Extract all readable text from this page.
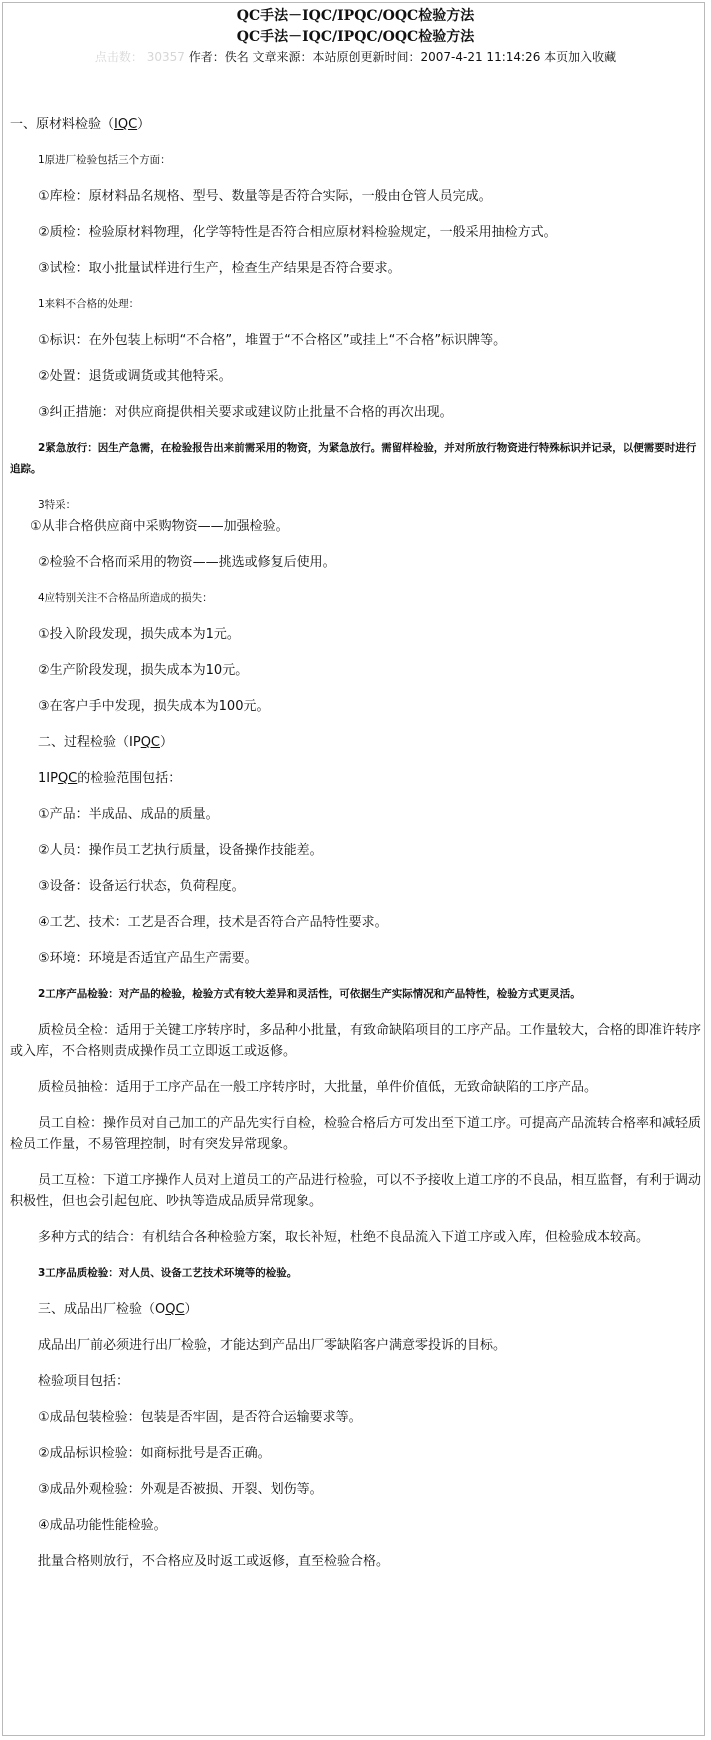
QC手法－IQC/IPQC/OQC检验方法
QC手法－IQC/IPQC/OQC检验方法
点击数： 30357 作者：佚名 文章来源：本站原创更新时间：2007-4-21 11:14:26 本页加入收藏

一、原材料检验（IQC）

1原进厂检验包括三个方面：

①库检：原材料品名规格、型号、数量等是否符合实际，一般由仓管人员完成。

②质检：检验原材料物理，化学等特性是否符合相应原材料检验规定，一般采用抽检方式。

③试检：取小批量试样进行生产，检查生产结果是否符合要求。

1来料不合格的处理：

①标识：在外包装上标明“不合格”，堆置于“不合格区”或挂上“不合格”标识牌等。

②处置：退货或调货或其他特采。

③纠正措施：对供应商提供相关要求或建议防止批量不合格的再次出现。

2紧急放行：因生产急需，在检验报告出来前需采用的物资，为紧急放行。需留样检验，并对所放行物资进行特殊标识并记录，以便需要时进行追踪。

3特采：

①从非合格供应商中采购物资——加强检验。

②检验不合格而采用的物资——挑选或修复后使用。

4应特别关注不合格品所造成的损失：

①投入阶段发现，损失成本为1元。

②生产阶段发现，损失成本为10元。

③在客户手中发现，损失成本为100元。

二、过程检验（IPQC）

1IPQC的检验范围包括：

①产品：半成品、成品的质量。

②人员：操作员工艺执行质量，设备操作技能差。

③设备：设备运行状态，负荷程度。

④工艺、技术：工艺是否合理，技术是否符合产品特性要求。

⑤环境：环境是否适宜产品生产需要。

2工序产品检验：对产品的检验，检验方式有较大差异和灵活性，可依据生产实际情况和产品特性，检验方式更灵活。

质检员全检：适用于关键工序转序时，多品种小批量，有致命缺陷项目的工序产品。工作量较大，合格的即准许转序或入库，不合格则责成操作员工立即返工或返修。

质检员抽检：适用于工序产品在一般工序转序时，大批量，单件价值低，无致命缺陷的工序产品。

员工自检：操作员对自己加工的产品先实行自检，检验合格后方可发出至下道工序。可提高产品流转合格率和减轻质检员工作量，不易管理控制，时有突发异常现象。

员工互检：下道工序操作人员对上道员工的产品进行检验，可以不予接收上道工序的不良品，相互监督，有利于调动积极性，但也会引起包庇、吵执等造成品质异常现象。

多种方式的结合：有机结合各种检验方案，取长补短，杜绝不良品流入下道工序或入库，但检验成本较高。

3工序品质检验：对人员、设备工艺技术环境等的检验。

三、成品出厂检验（OQC）

成品出厂前必须进行出厂检验，才能达到产品出厂零缺陷客户满意零投诉的目标。

检验项目包括：

①成品包装检验：包装是否牢固，是否符合运输要求等。

②成品标识检验：如商标批号是否正确。

③成品外观检验：外观是否被损、开裂、划伤等。

④成品功能性能检验。

批量合格则放行，不合格应及时返工或返修，直至检验合格。
